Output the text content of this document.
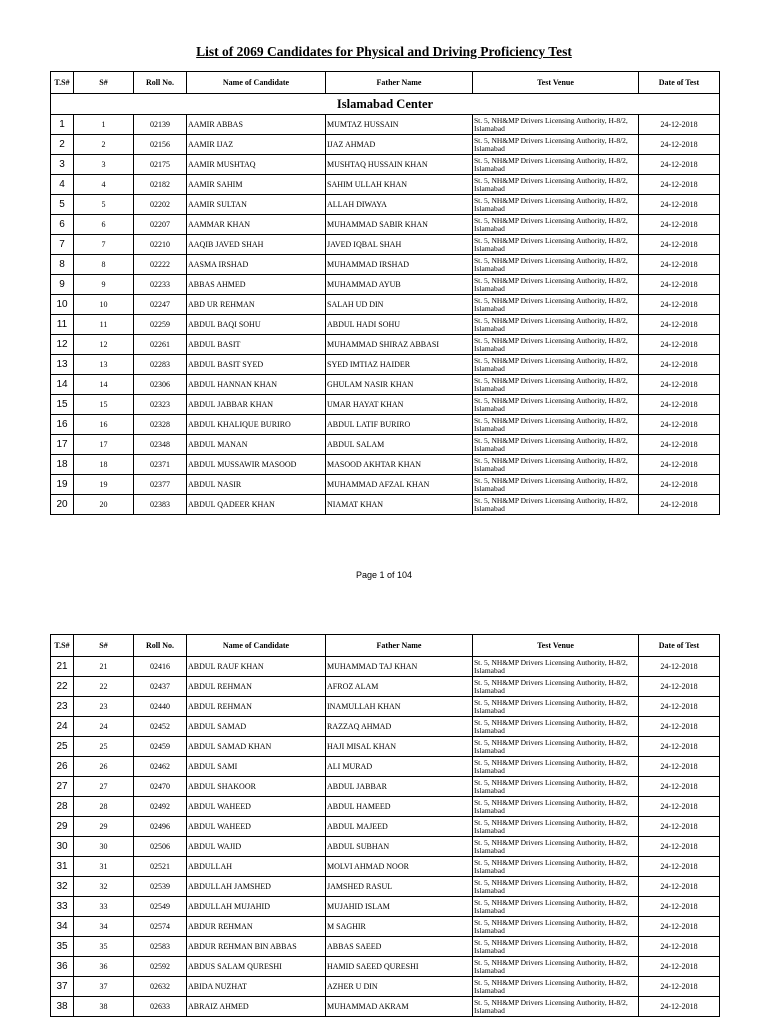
List of 2069 Candidates for Physical and Driving Proficiency Test
T.S#	S#	Roll No.	Name of Candidate	Father Name	Test Venue	Date of Test
Islamabad Center						
1	1	02139	AAMIR ABBAS	MUMTAZ HUSSAIN	St. 5, NH&MP Drivers Licensing Authority, H-8/2, Islamabad	24-12-2018
2	2	02156	AAMIR IJAZ	IJAZ AHMAD	St. 5, NH&MP Drivers Licensing Authority, H-8/2, Islamabad	24-12-2018
3	3	02175	AAMIR MUSHTAQ	MUSHTAQ HUSSAIN KHAN	St. 5, NH&MP Drivers Licensing Authority, H-8/2, Islamabad	24-12-2018
4	4	02182	AAMIR SAHIM	SAHIM ULLAH KHAN	St. 5, NH&MP Drivers Licensing Authority, H-8/2, Islamabad	24-12-2018
5	5	02202	AAMIR SULTAN	ALLAH DIWAYA	St. 5, NH&MP Drivers Licensing Authority, H-8/2, Islamabad	24-12-2018
6	6	02207	AAMMAR KHAN	MUHAMMAD SABIR KHAN	St. 5, NH&MP Drivers Licensing Authority, H-8/2, Islamabad	24-12-2018
7	7	02210	AAQIB JAVED SHAH	JAVED IQBAL SHAH	St. 5, NH&MP Drivers Licensing Authority, H-8/2, Islamabad	24-12-2018
8	8	02222	AASMA IRSHAD	MUHAMMAD IRSHAD	St. 5, NH&MP Drivers Licensing Authority, H-8/2, Islamabad	24-12-2018
9	9	02233	ABBAS AHMED	MUHAMMAD AYUB	St. 5, NH&MP Drivers Licensing Authority, H-8/2, Islamabad	24-12-2018
10	10	02247	ABD UR REHMAN	SALAH UD DIN	St. 5, NH&MP Drivers Licensing Authority, H-8/2, Islamabad	24-12-2018
11	11	02259	ABDUL BAQI SOHU	ABDUL HADI SOHU	St. 5, NH&MP Drivers Licensing Authority, H-8/2, Islamabad	24-12-2018
12	12	02261	ABDUL BASIT	MUHAMMAD SHIRAZ ABBASI	St. 5, NH&MP Drivers Licensing Authority, H-8/2, Islamabad	24-12-2018
13	13	02283	ABDUL BASIT SYED	SYED IMTIAZ HAIDER	St. 5, NH&MP Drivers Licensing Authority, H-8/2, Islamabad	24-12-2018
14	14	02306	ABDUL HANNAN KHAN	GHULAM NASIR KHAN	St. 5, NH&MP Drivers Licensing Authority, H-8/2, Islamabad	24-12-2018
15	15	02323	ABDUL JABBAR KHAN	UMAR HAYAT KHAN	St. 5, NH&MP Drivers Licensing Authority, H-8/2, Islamabad	24-12-2018
16	16	02328	ABDUL KHALIQUE BURIRO	ABDUL LATIF BURIRO	St. 5, NH&MP Drivers Licensing Authority, H-8/2, Islamabad	24-12-2018
17	17	02348	ABDUL MANAN	ABDUL SALAM	St. 5, NH&MP Drivers Licensing Authority, H-8/2, Islamabad	24-12-2018
18	18	02371	ABDUL MUSSAWIR MASOOD	MASOOD AKHTAR KHAN	St. 5, NH&MP Drivers Licensing Authority, H-8/2, Islamabad	24-12-2018
19	19	02377	ABDUL NASIR	MUHAMMAD AFZAL KHAN	St. 5, NH&MP Drivers Licensing Authority, H-8/2, Islamabad	24-12-2018
20	20	02383	ABDUL QADEER KHAN	NIAMAT KHAN	St. 5, NH&MP Drivers Licensing Authority, H-8/2, Islamabad	24-12-2018
Page 1 of 104
T.S#	S#	Roll No.	Name of Candidate	Father Name	Test Venue	Date of Test
21	21	02416	ABDUL RAUF KHAN	MUHAMMAD TAJ KHAN	St. 5, NH&MP Drivers Licensing Authority, H-8/2, Islamabad	24-12-2018
22	22	02437	ABDUL REHMAN	AFROZ ALAM	St. 5, NH&MP Drivers Licensing Authority, H-8/2, Islamabad	24-12-2018
23	23	02440	ABDUL REHMAN	INAMULLAH KHAN	St. 5, NH&MP Drivers Licensing Authority, H-8/2, Islamabad	24-12-2018
24	24	02452	ABDUL SAMAD	RAZZAQ AHMAD	St. 5, NH&MP Drivers Licensing Authority, H-8/2, Islamabad	24-12-2018
25	25	02459	ABDUL SAMAD KHAN	HAJI MISAL KHAN	St. 5, NH&MP Drivers Licensing Authority, H-8/2, Islamabad	24-12-2018
26	26	02462	ABDUL SAMI	ALI MURAD	St. 5, NH&MP Drivers Licensing Authority, H-8/2, Islamabad	24-12-2018
27	27	02470	ABDUL SHAKOOR	ABDUL JABBAR	St. 5, NH&MP Drivers Licensing Authority, H-8/2, Islamabad	24-12-2018
28	28	02492	ABDUL WAHEED	ABDUL HAMEED	St. 5, NH&MP Drivers Licensing Authority, H-8/2, Islamabad	24-12-2018
29	29	02496	ABDUL WAHEED	ABDUL MAJEED	St. 5, NH&MP Drivers Licensing Authority, H-8/2, Islamabad	24-12-2018
30	30	02506	ABDUL WAJID	ABDUL SUBHAN	St. 5, NH&MP Drivers Licensing Authority, H-8/2, Islamabad	24-12-2018
31	31	02521	ABDULLAH	MOLVI AHMAD NOOR	St. 5, NH&MP Drivers Licensing Authority, H-8/2, Islamabad	24-12-2018
32	32	02539	ABDULLAH JAMSHED	JAMSHED RASUL	St. 5, NH&MP Drivers Licensing Authority, H-8/2, Islamabad	24-12-2018
33	33	02549	ABDULLAH MUJAHID	MUJAHID ISLAM	St. 5, NH&MP Drivers Licensing Authority, H-8/2, Islamabad	24-12-2018
34	34	02574	ABDUR REHMAN	M SAGHIR	St. 5, NH&MP Drivers Licensing Authority, H-8/2, Islamabad	24-12-2018
35	35	02583	ABDUR REHMAN BIN ABBAS	ABBAS SAEED	St. 5, NH&MP Drivers Licensing Authority, H-8/2, Islamabad	24-12-2018
36	36	02592	ABDUS SALAM QURESHI	HAMID SAEED QURESHI	St. 5, NH&MP Drivers Licensing Authority, H-8/2, Islamabad	24-12-2018
37	37	02632	ABIDA NUZHAT	AZHER U DIN	St. 5, NH&MP Drivers Licensing Authority, H-8/2, Islamabad	24-12-2018
38	38	02633	ABRAIZ AHMED	MUHAMMAD AKRAM	St. 5, NH&MP Drivers Licensing Authority, H-8/2, Islamabad	24-12-2018
